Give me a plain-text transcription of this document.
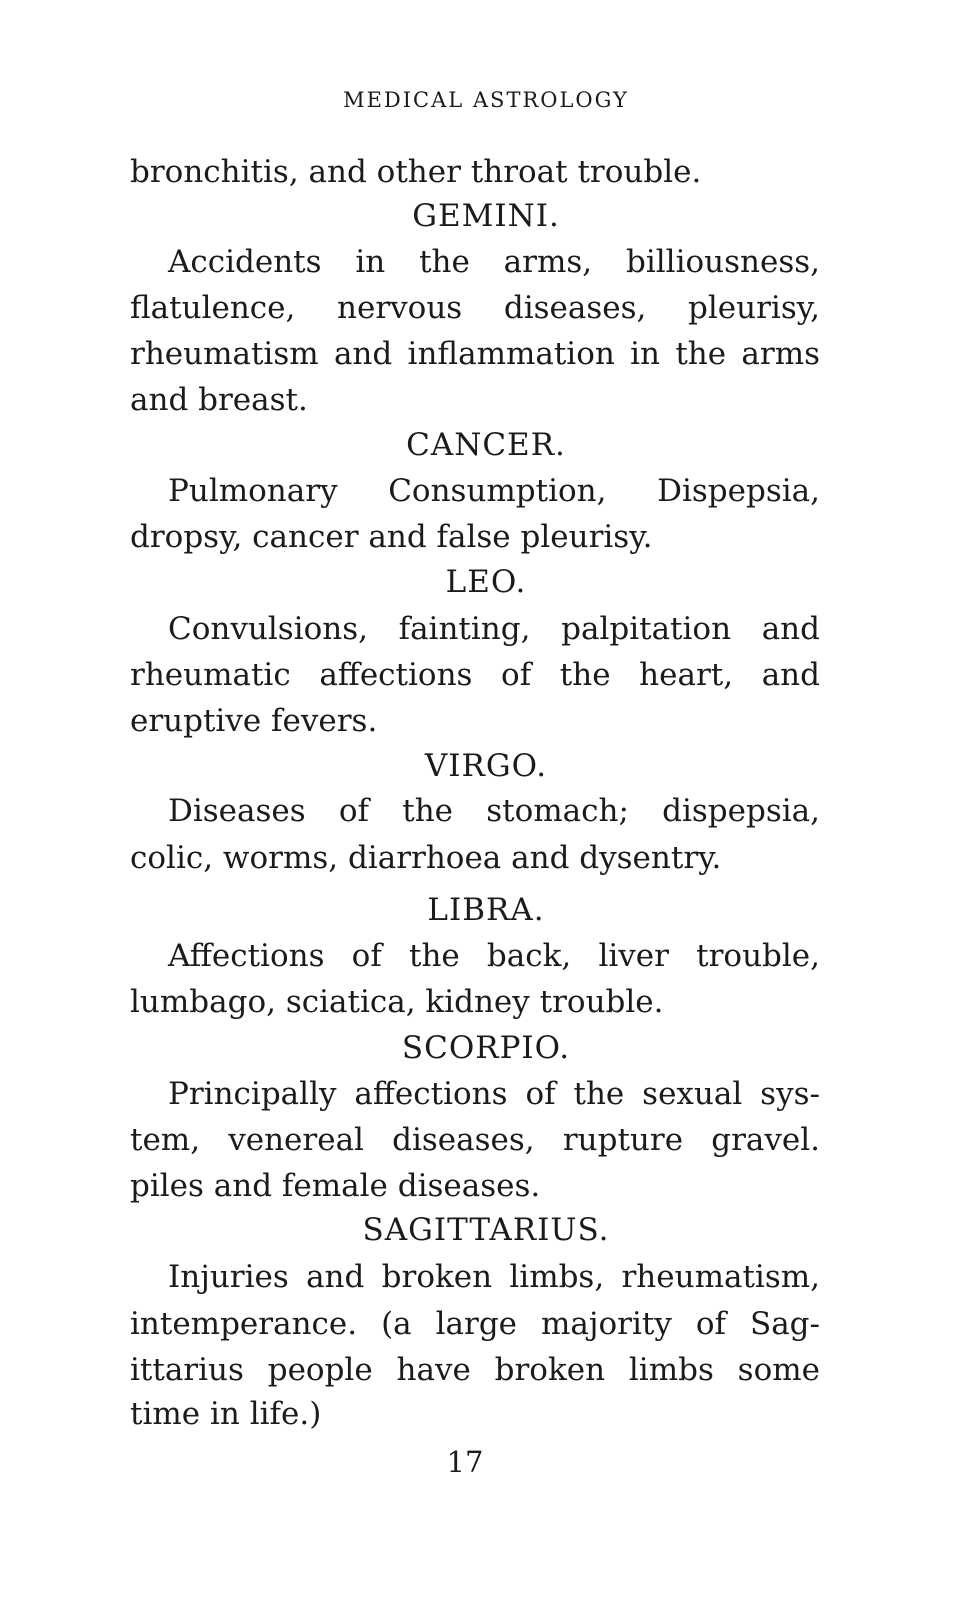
MEDICAL ASTROLOGY
bronchitis, and other throat trouble.
GEMINI.
Accidents in the arms, billiousness,
flatulence, nervous diseases, pleurisy,
rheumatism and inflammation in the arms
and breast.
CANCER.
Pulmonary Consumption, Dispepsia,
dropsy, cancer and false pleurisy.
LEO.
Convulsions, fainting, palpitation and
rheumatic affections of the heart, and
eruptive fevers.
VIRGO.
Diseases of the stomach; dispepsia,
colic, worms, diarrhoea and dysentry.
LIBRA.
Affections of the back, liver trouble,
lumbago, sciatica, kidney trouble.
SCORPIO.
Principally affections of the sexual sys-
tem, venereal diseases, rupture gravel.
piles and female diseases.
SAGITTARIUS.
Injuries and broken limbs, rheumatism,
intemperance. (a large majority of Sag-
ittarius people have broken limbs some
time in life.)
17
